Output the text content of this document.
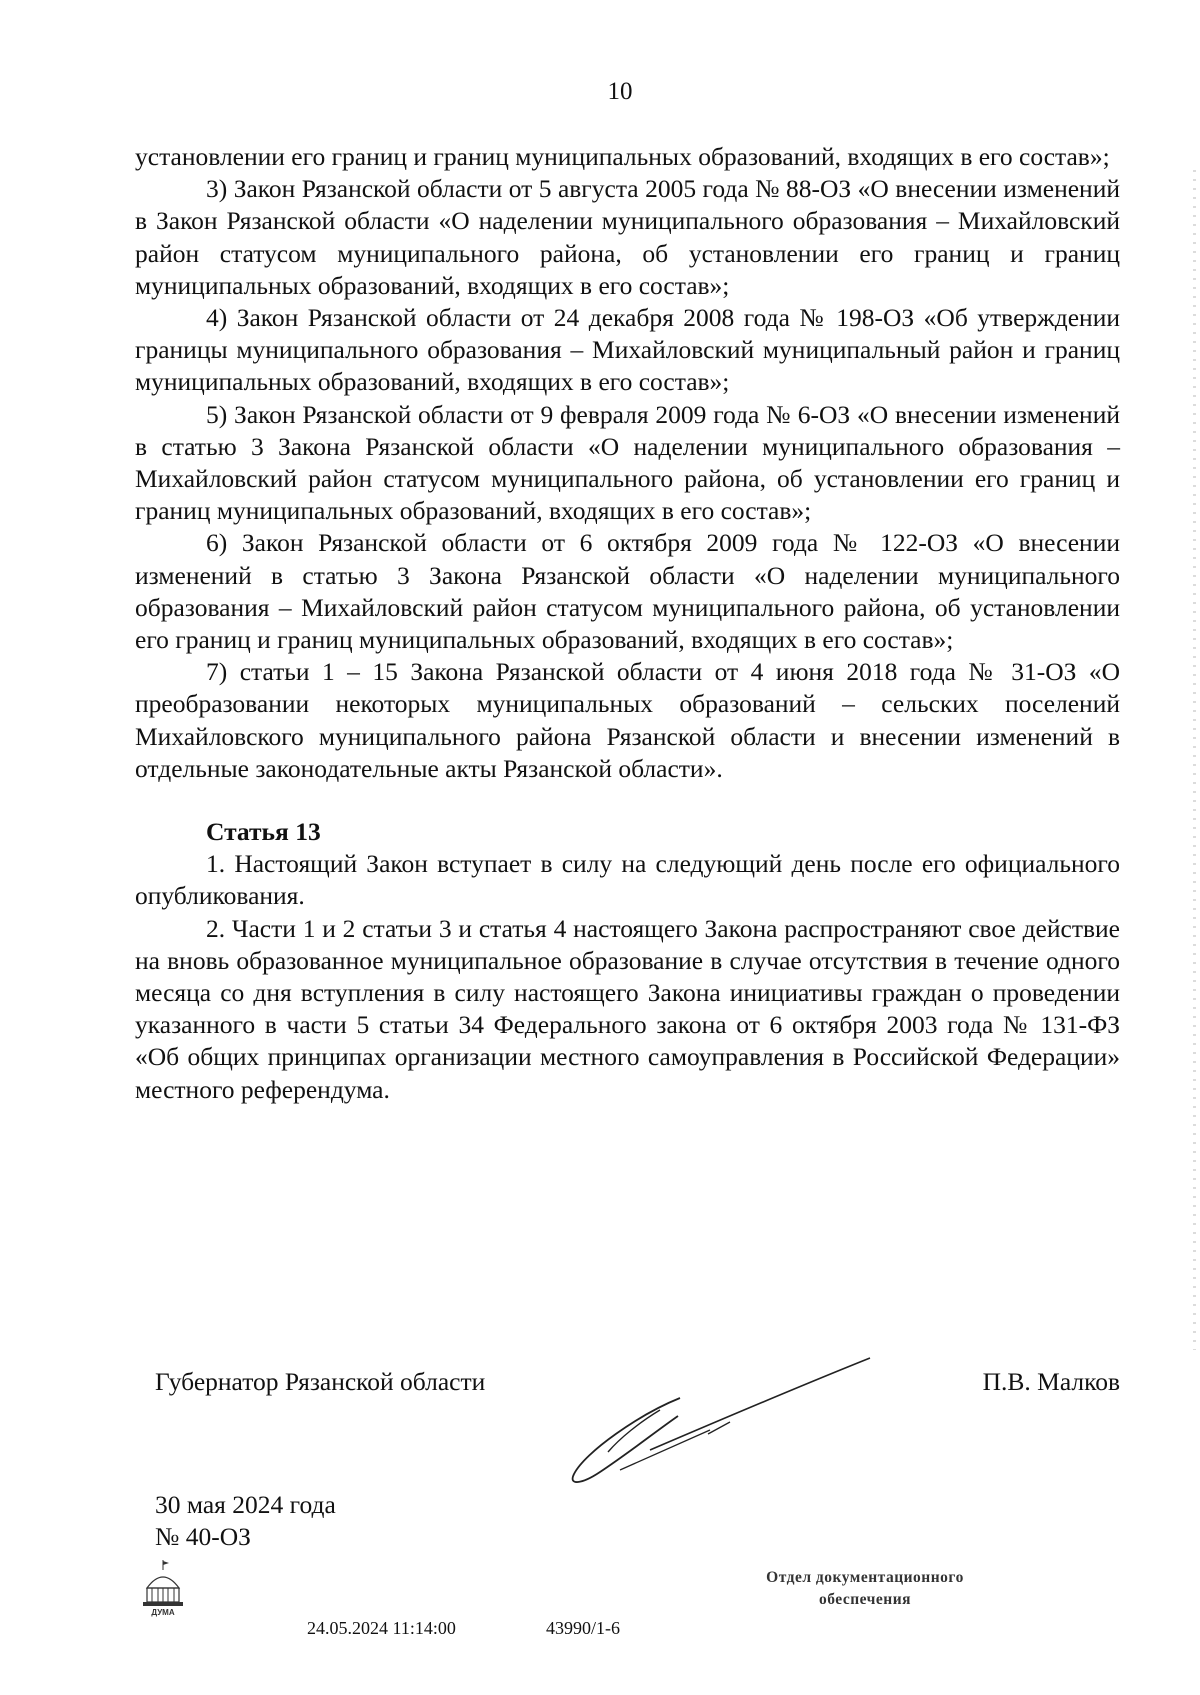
10

установлении его границ и границ муниципальных образований, входящих в его состав»;

3) Закон Рязанской области от 5 августа 2005 года № 88-ОЗ «О внесении изменений в Закон Рязанской области «О наделении муниципального образования – Михайловский район статусом муниципального района, об установлении его границ и границ муниципальных образований, входящих в его состав»;

4) Закон Рязанской области от 24 декабря 2008 года № 198-ОЗ «Об утверждении границы муниципального образования – Михайловский муниципальный район и границ муниципальных образований, входящих в его состав»;

5) Закон Рязанской области от 9 февраля 2009 года № 6-ОЗ «О внесении изменений в статью 3 Закона Рязанской области «О наделении муниципального образования – Михайловский район статусом муниципального района, об установлении его границ и границ муниципальных образований, входящих в его состав»;

6) Закон Рязанской области от 6 октября 2009 года № 122-ОЗ «О внесении изменений в статью 3 Закона Рязанской области «О наделении муниципального образования – Михайловский район статусом муниципального района, об установлении его границ и границ муниципальных образований, входящих в его состав»;

7) статьи 1 – 15 Закона Рязанской области от 4 июня 2018 года № 31-ОЗ «О преобразовании некоторых муниципальных образований – сельских поселений Михайловского муниципального района Рязанской области и внесении изменений в отдельные законодательные акты Рязанской области».

Статья 13

1. Настоящий Закон вступает в силу на следующий день после его официального опубликования.

2. Части 1 и 2 статьи 3 и статья 4 настоящего Закона распространяют свое действие на вновь образованное муниципальное образование в случае отсутствия в течение одного месяца со дня вступления в силу настоящего Закона инициативы граждан о проведении указанного в части 5 статьи 34 Федерального закона от 6 октября 2003 года № 131-ФЗ «Об общих принципах организации местного самоуправления в Российской Федерации» местного референдума.

Губернатор Рязанской области	П.В. Малков
30 мая 2024 года
№ 40-ОЗ
ДУМА
24.05.2024 11:14:00	43990/1-6
Отдел документационного
обеспечения
